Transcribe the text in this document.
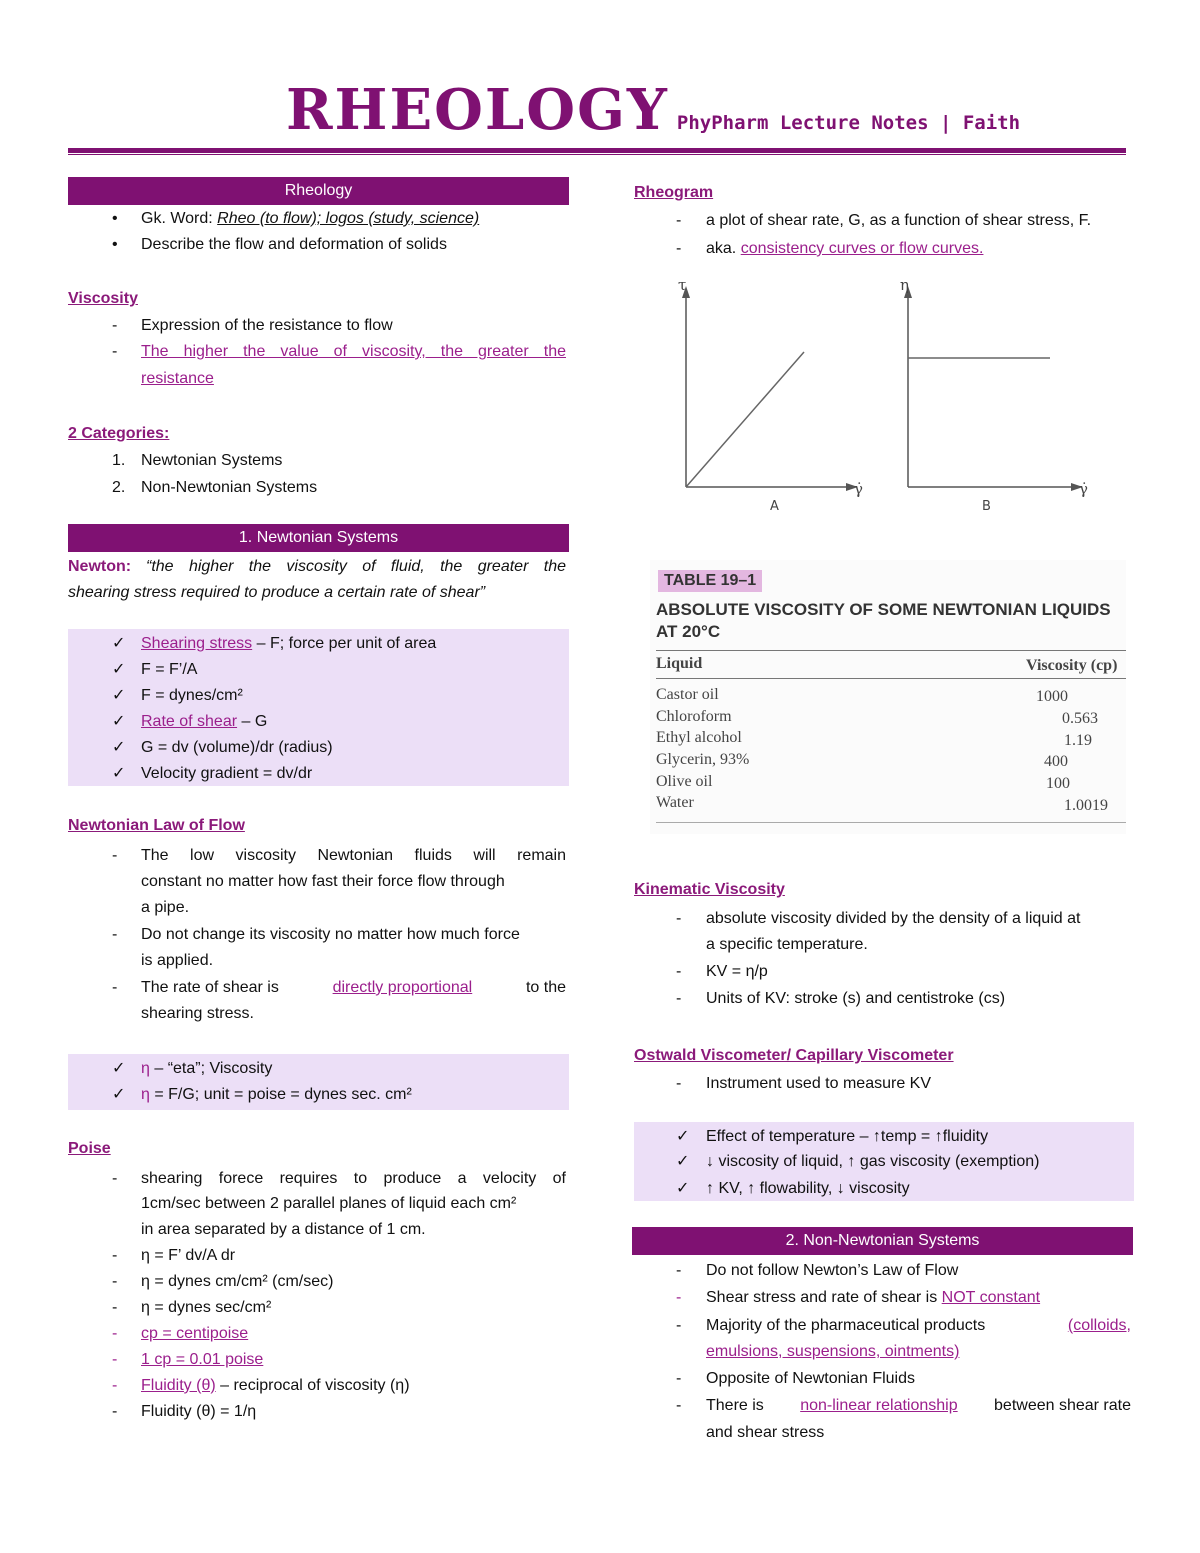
RHEOLOGY PhyPharm Lecture Notes | Faith
Rheology
• Gk. Word: Rheo (to flow); logos (study, science)
• Describe the flow and deformation of solids
Viscosity
- Expression of the resistance to flow
- The higher the value of viscosity, the greater the
resistance
2 Categories:
1. Newtonian Systems
2. Non-Newtonian Systems
1. Newtonian Systems
Newton: “the higher the viscosity of fluid, the greater the
shearing stress required to produce a certain rate of shear”
✓ Shearing stress – F; force per unit of area
✓ F = F’/A
✓ F = dynes/cm²
✓ Rate of shear – G
✓ G = dv (volume)/dr (radius)
✓ Velocity gradient = dv/dr
Newtonian Law of Flow
- The low viscosity Newtonian fluids will remain
constant no matter how fast their force flow through
a pipe.
- Do not change its viscosity no matter how much force
is applied.
- The rate of shear is	directly proportional	to the
shearing stress.
✓ η – “eta”; Viscosity
✓ η = F/G; unit = poise = dynes sec. cm²
Poise
- shearing forece requires to produce a velocity of
1cm/sec between 2 parallel planes of liquid each cm²
in area separated by a distance of 1 cm.
- η = F’ dv/A dr
- η = dynes cm/cm² (cm/sec)
- η = dynes sec/cm²
- cp = centipoise
- 1 cp = 0.01 poise
- Fluidity (θ) – reciprocal of viscosity (η)
- Fluidity (θ) = 1/η
Rheogram
- a plot of shear rate, G, as a function of shear stress, F.
- aka. consistency curves or flow curves.
τ
γ̇
A
η
γ̇
B
TABLE 19–1
ABSOLUTE VISCOSITY OF SOME NEWTONIAN LIQUIDS
AT 20°C
Liquid	Viscosity (cp)
Castor oil	1000
Chloroform	0.563
Ethyl alcohol	1.19
Glycerin, 93%	400
Olive oil	100
Water	1.0019
Kinematic Viscosity
- absolute viscosity divided by the density of a liquid at
a specific temperature.
- KV = η/p
- Units of KV: stroke (s) and centistroke (cs)
Ostwald Viscometer/ Capillary Viscometer
- Instrument used to measure KV
✓ Effect of temperature – ↑temp = ↑fluidity
✓ ↓ viscosity of liquid, ↑ gas viscosity (exemption)
✓ ↑ KV, ↑ flowability, ↓ viscosity
2. Non-Newtonian Systems
- Do not follow Newton’s Law of Flow
- Shear stress and rate of shear is NOT constant
- Majority of the pharmaceutical products	(colloids,
emulsions, suspensions, ointments)
- Opposite of Newtonian Fluids
- There is non-linear relationship between shear rate
and shear stress
